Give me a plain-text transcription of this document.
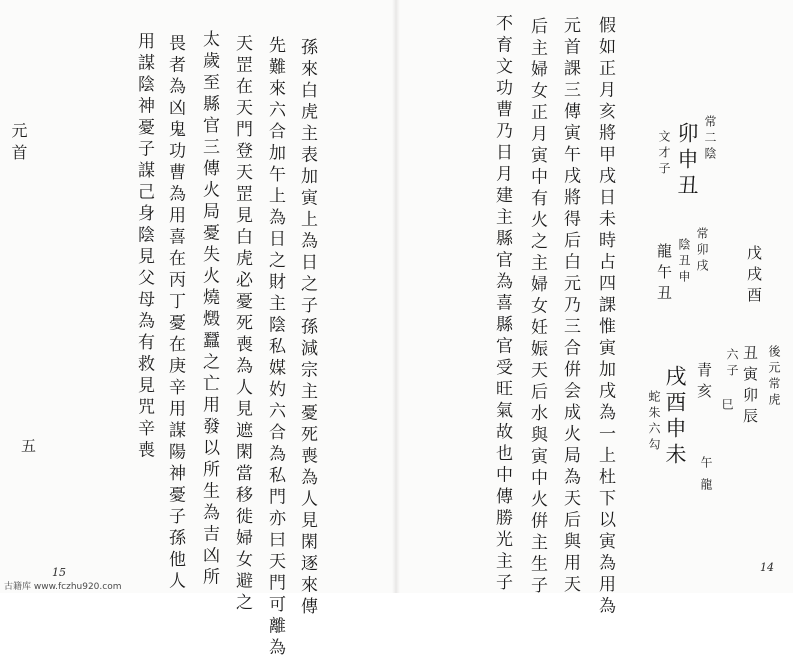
用謀陰神憂子謀己身陰見父母為有救見咒辛喪 畏者為凶鬼功曹為用喜在丙丁憂在庚辛用謀陽神憂子孫他人 太歲至縣官三傳火局憂失火燒燬蠶之亡用發以所生為吉凶所 天罡在天門登天罡見白虎必憂死喪為人見遮閑當移徙婦女避之 先難來六合加午上為日之財主陰私媒妁六合為私門亦曰天門可離為 孫來白虎主表加寅上為日之子孫減宗主憂死喪為人見閑逐來傳
元首
五
15	不育文功曹乃日月建主縣官為喜縣官受旺氣故也中傳勝光主子 后主婦女正月寅中有火之主婦女妊娠天后水與寅中火倂主生子 元首課三傳寅午戌將得后白元乃三合倂会成火局為天后與用天 假如正月亥將甲戌日未時占四課惟寅加戌為一上杜下以寅為用為	常二陰
卯申丑
文才子
戊戌酉
常卯戌
陰丑申
龍午丑
後元常虎
丑寅卯辰
六子
巳
青亥
午
龍
戌酉申未
蛇朱六勾
14
古籍库 www.fczhu920.com
